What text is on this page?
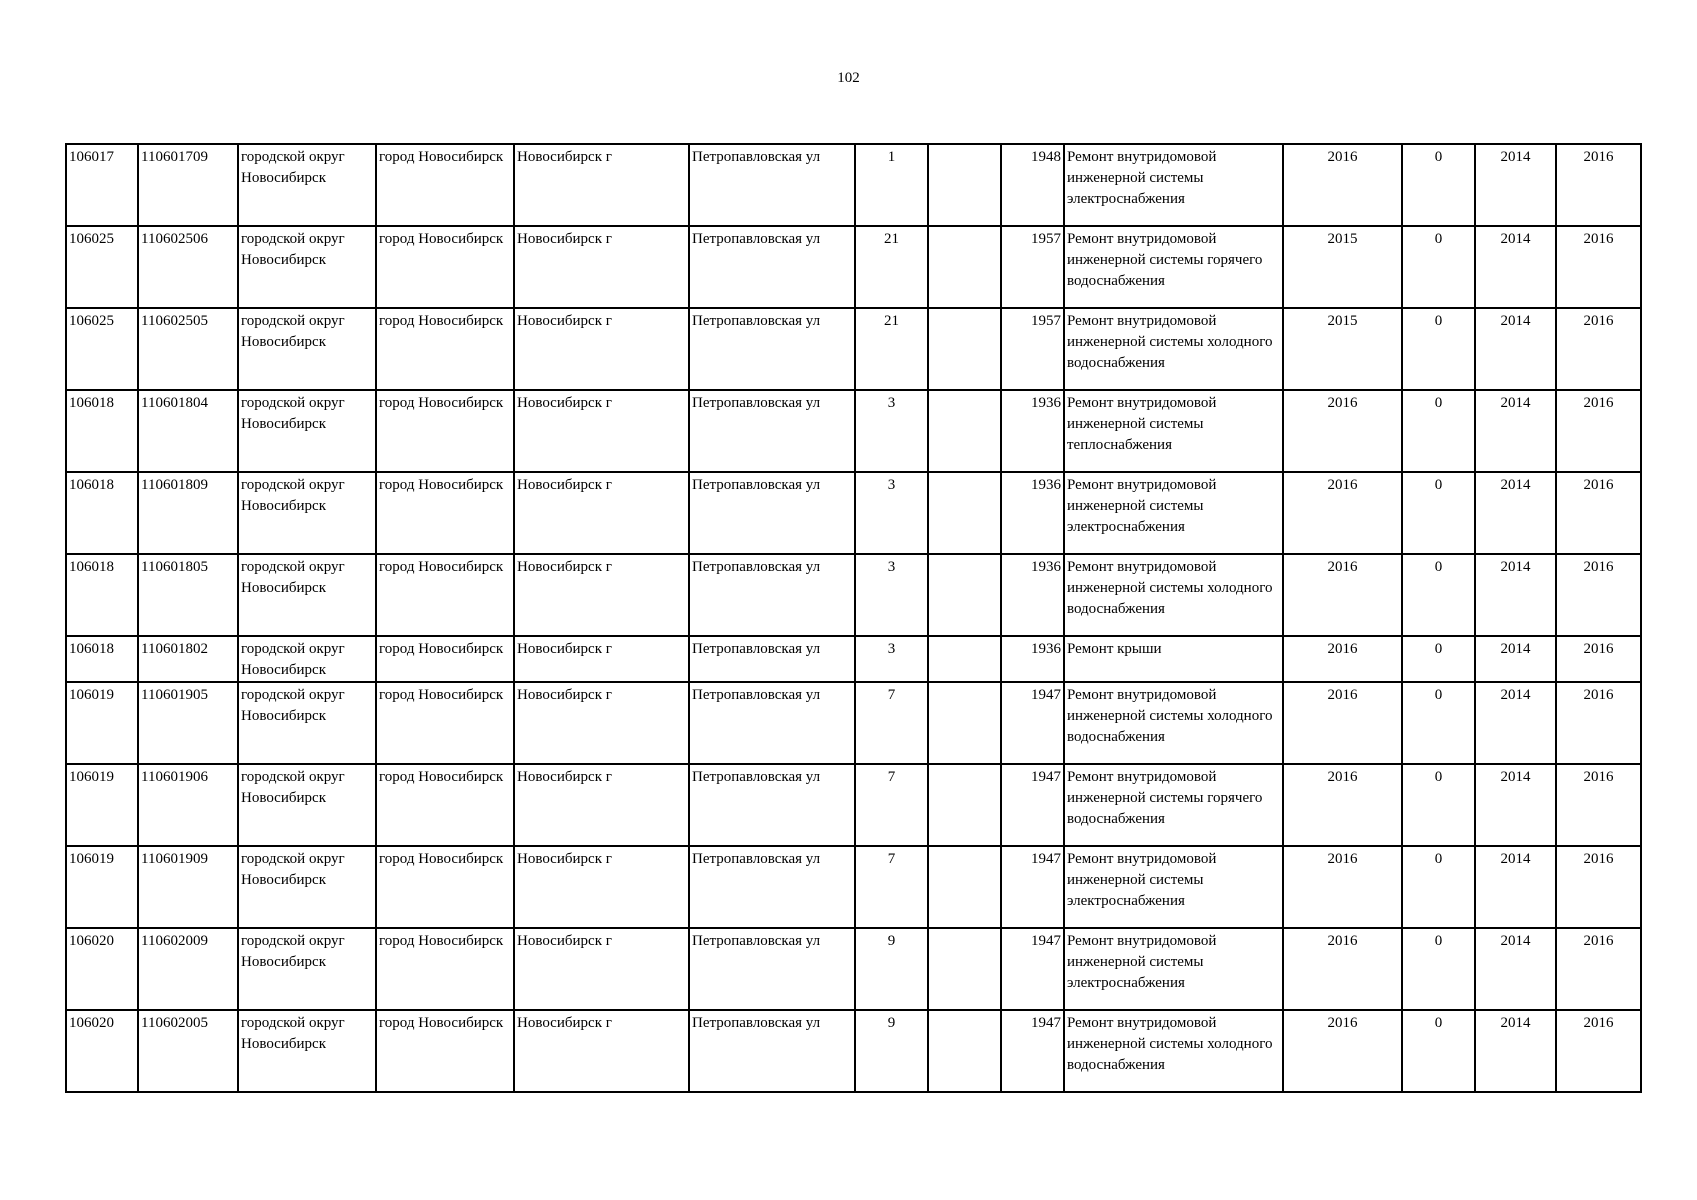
102
106017	110601709	городской округ Новосибирск	город Новосибирск	Новосибирск г	Петропавловская ул	1		1948	Ремонт внутридомовой инженерной системы электроснабжения	2016	0	2014	2016
106025	110602506	городской округ Новосибирск	город Новосибирск	Новосибирск г	Петропавловская ул	21		1957	Ремонт внутридомовой инженерной системы горячего водоснабжения	2015	0	2014	2016
106025	110602505	городской округ Новосибирск	город Новосибирск	Новосибирск г	Петропавловская ул	21		1957	Ремонт внутридомовой инженерной системы холодного водоснабжения	2015	0	2014	2016
106018	110601804	городской округ Новосибирск	город Новосибирск	Новосибирск г	Петропавловская ул	3		1936	Ремонт внутридомовой инженерной системы теплоснабжения	2016	0	2014	2016
106018	110601809	городской округ Новосибирск	город Новосибирск	Новосибирск г	Петропавловская ул	3		1936	Ремонт внутридомовой инженерной системы электроснабжения	2016	0	2014	2016
106018	110601805	городской округ Новосибирск	город Новосибирск	Новосибирск г	Петропавловская ул	3		1936	Ремонт внутридомовой инженерной системы холодного водоснабжения	2016	0	2014	2016
106018	110601802	городской округ Новосибирск	город Новосибирск	Новосибирск г	Петропавловская ул	3		1936	Ремонт крыши	2016	0	2014	2016
106019	110601905	городской округ Новосибирск	город Новосибирск	Новосибирск г	Петропавловская ул	7		1947	Ремонт внутридомовой инженерной системы холодного водоснабжения	2016	0	2014	2016
106019	110601906	городской округ Новосибирск	город Новосибирск	Новосибирск г	Петропавловская ул	7		1947	Ремонт внутридомовой инженерной системы горячего водоснабжения	2016	0	2014	2016
106019	110601909	городской округ Новосибирск	город Новосибирск	Новосибирск г	Петропавловская ул	7		1947	Ремонт внутридомовой инженерной системы электроснабжения	2016	0	2014	2016
106020	110602009	городской округ Новосибирск	город Новосибирск	Новосибирск г	Петропавловская ул	9		1947	Ремонт внутридомовой инженерной системы электроснабжения	2016	0	2014	2016
106020	110602005	городской округ Новосибирск	город Новосибирск	Новосибирск г	Петропавловская ул	9		1947	Ремонт внутридомовой инженерной системы холодного водоснабжения	2016	0	2014	2016
